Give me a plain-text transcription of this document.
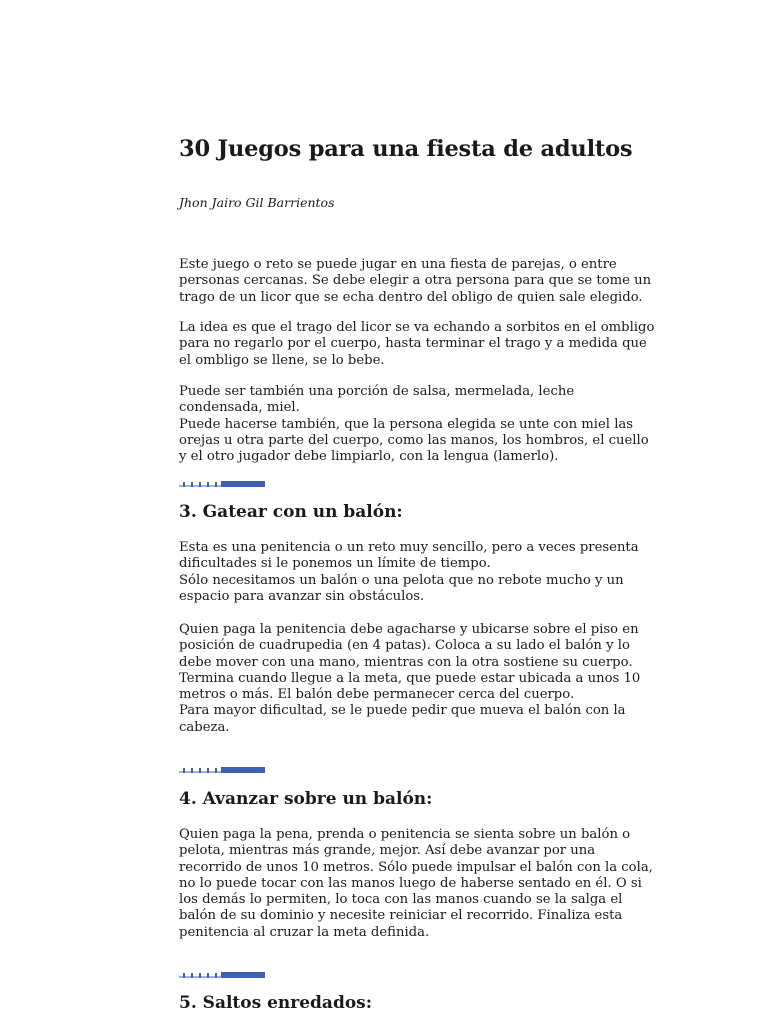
30 Juegos para una fiesta de adultos
Jhon Jairo Gil Barrientos

Este juego o reto se puede jugar en una fiesta de parejas, o entre
personas cercanas. Se debe elegir a otra persona para que se tome un
trago de un licor que se echa dentro del obligo de quien sale elegido.

La idea es que el trago del licor se va echando a sorbitos en el ombligo
para no regarlo por el cuerpo, hasta terminar el trago y a medida que
el ombligo se llene, se lo bebe.

Puede ser también una porción de salsa, mermelada, leche
condensada, miel.
Puede hacerse también, que la persona elegida se unte con miel las
orejas u otra parte del cuerpo, como las manos, los hombros, el cuello
y el otro jugador debe limpiarlo, con la lengua (lamerlo).

3. Gatear con un balón:

Esta es una penitencia o un reto muy sencillo, pero a veces presenta
dificultades si le ponemos un límite de tiempo.
Sólo necesitamos un balón o una pelota que no rebote mucho y un
espacio para avanzar sin obstáculos.

Quien paga la penitencia debe agacharse y ubicarse sobre el piso en
posición de cuadrupedia (en 4 patas). Coloca a su lado el balón y lo
debe mover con una mano, mientras con la otra sostiene su cuerpo.
Termina cuando llegue a la meta, que puede estar ubicada a unos 10
metros o más. El balón debe permanecer cerca del cuerpo.
Para mayor dificultad, se le puede pedir que mueva el balón con la
cabeza.

4. Avanzar sobre un balón:

Quien paga la pena, prenda o penitencia se sienta sobre un balón o
pelota, mientras más grande, mejor. Así debe avanzar por una
recorrido de unos 10 metros. Sólo puede impulsar el balón con la cola,
no lo puede tocar con las manos luego de haberse sentado en él. O si
los demás lo permiten, lo toca con las manos cuando se la salga el
balón de su dominio y necesite reiniciar el recorrido. Finaliza esta
penitencia al cruzar la meta definida.

5. Saltos enredados:
